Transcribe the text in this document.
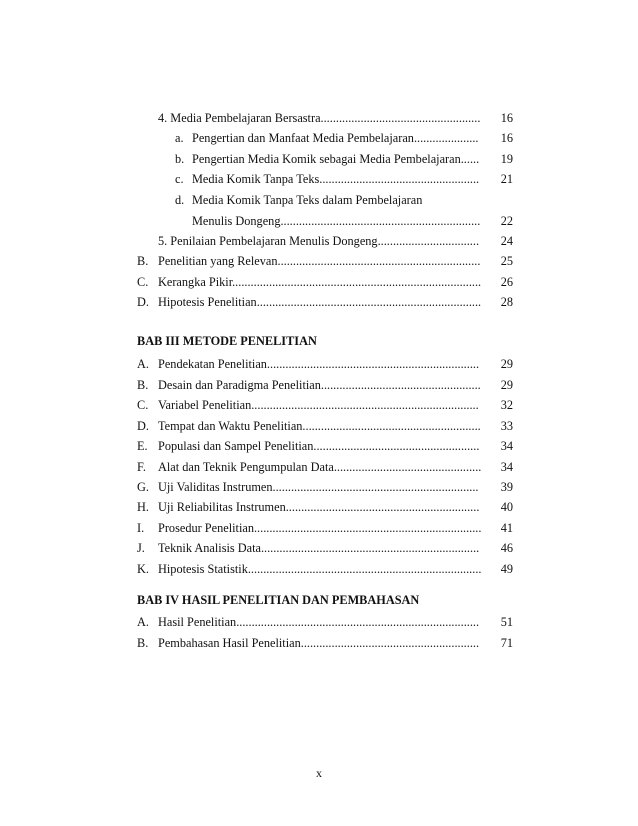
4. Media Pembelajaran Bersastra....................................................	16
a. Pengertian dan Manfaat Media Pembelajaran.....................	16
b. Pengertian Media Komik sebagai Media Pembelajaran......	19
c. Media Komik Tanpa Teks....................................................	21
d. Media Komik Tanpa Teks dalam Pembelajaran
Menulis Dongeng.................................................................	22
5. Penilaian Pembelajaran Menulis Dongeng.................................	24
B. Penelitian yang Relevan..................................................................	25
C. Kerangka Pikir.................................................................................	26
D. Hipotesis Penelitian.........................................................................	28
BAB III METODE PENELITIAN
A. Pendekatan Penelitian.....................................................................	29
B. Desain dan Paradigma Penelitian....................................................	29
C. Variabel Penelitian..........................................................................	32
D. Tempat dan Waktu Penelitian..........................................................	33
E. Populasi dan Sampel Penelitian......................................................	34
F. Alat dan Teknik Pengumpulan Data................................................	34
G. Uji Validitas Instrumen...................................................................	39
H. Uji Reliabilitas Instrumen...............................................................	40
I. Prosedur Penelitian..........................................................................	41
J. Teknik Analisis Data.......................................................................	46
K. Hipotesis Statistik............................................................................	49
BAB IV HASIL PENELITIAN DAN PEMBAHASAN
A. Hasil Penelitian...............................................................................	51
B. Pembahasan Hasil Penelitian..........................................................	71
x
